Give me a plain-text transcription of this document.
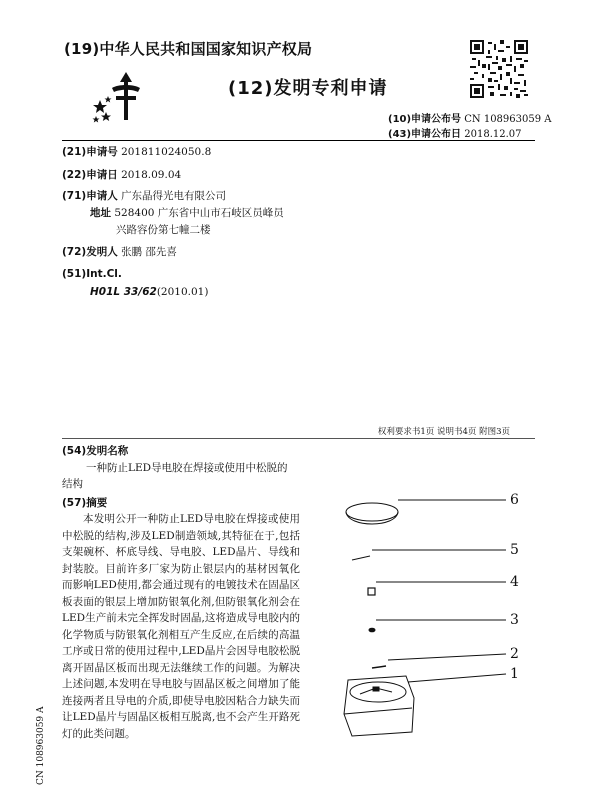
(19)中华人民共和国国家知识产权局
(12)发明专利申请
(10)申请公布号 CN 108963059 A
(43)申请公布日 2018.12.07
(21)申请号 201811024050.8
(22)申请日 2018.09.04
(71)申请人 广东晶得光电有限公司
地址 528400 广东省中山市石岐区员峰员
兴路容份第七幢二楼
(72)发明人 张鹏 邵先喜
(51)Int.Cl.
H01L 33/62(2010.01)
权利要求书1页 说明书4页 附图3页
(54)发明名称
一种防止LED导电胶在焊接或使用中松脱的
结构
(57)摘要

本发明公开一种防止LED导电胶在焊接或使用中松脱的结构,涉及LED制造领域,其特征在于,包括支架碗杯、杯底导线、导电胶、LED晶片、导线和封装胶。目前许多厂家为防止银层内的基材因氧化而影响LED使用,都会通过现有的电镀技术在固晶区板表面的银层上增加防银氧化剂,但防银氧化剂会在LED生产前未完全挥发时固晶,这将造成导电胶内的化学物质与防银氧化剂相互产生反应,在后续的高温工序或日常的使用过程中,LED晶片会因导电胶松脱离开固晶区板而出现无法继续工作的问题。为解决上述问题,本发明在导电胶与固晶区板之间增加了能连接两者且导电的介质,即使导电胶因粘合力缺失而让LED晶片与固晶区板相互脱离,也不会产生开路死灯的此类问题。

CN 108963059 A
6
5
4
3
2
1
